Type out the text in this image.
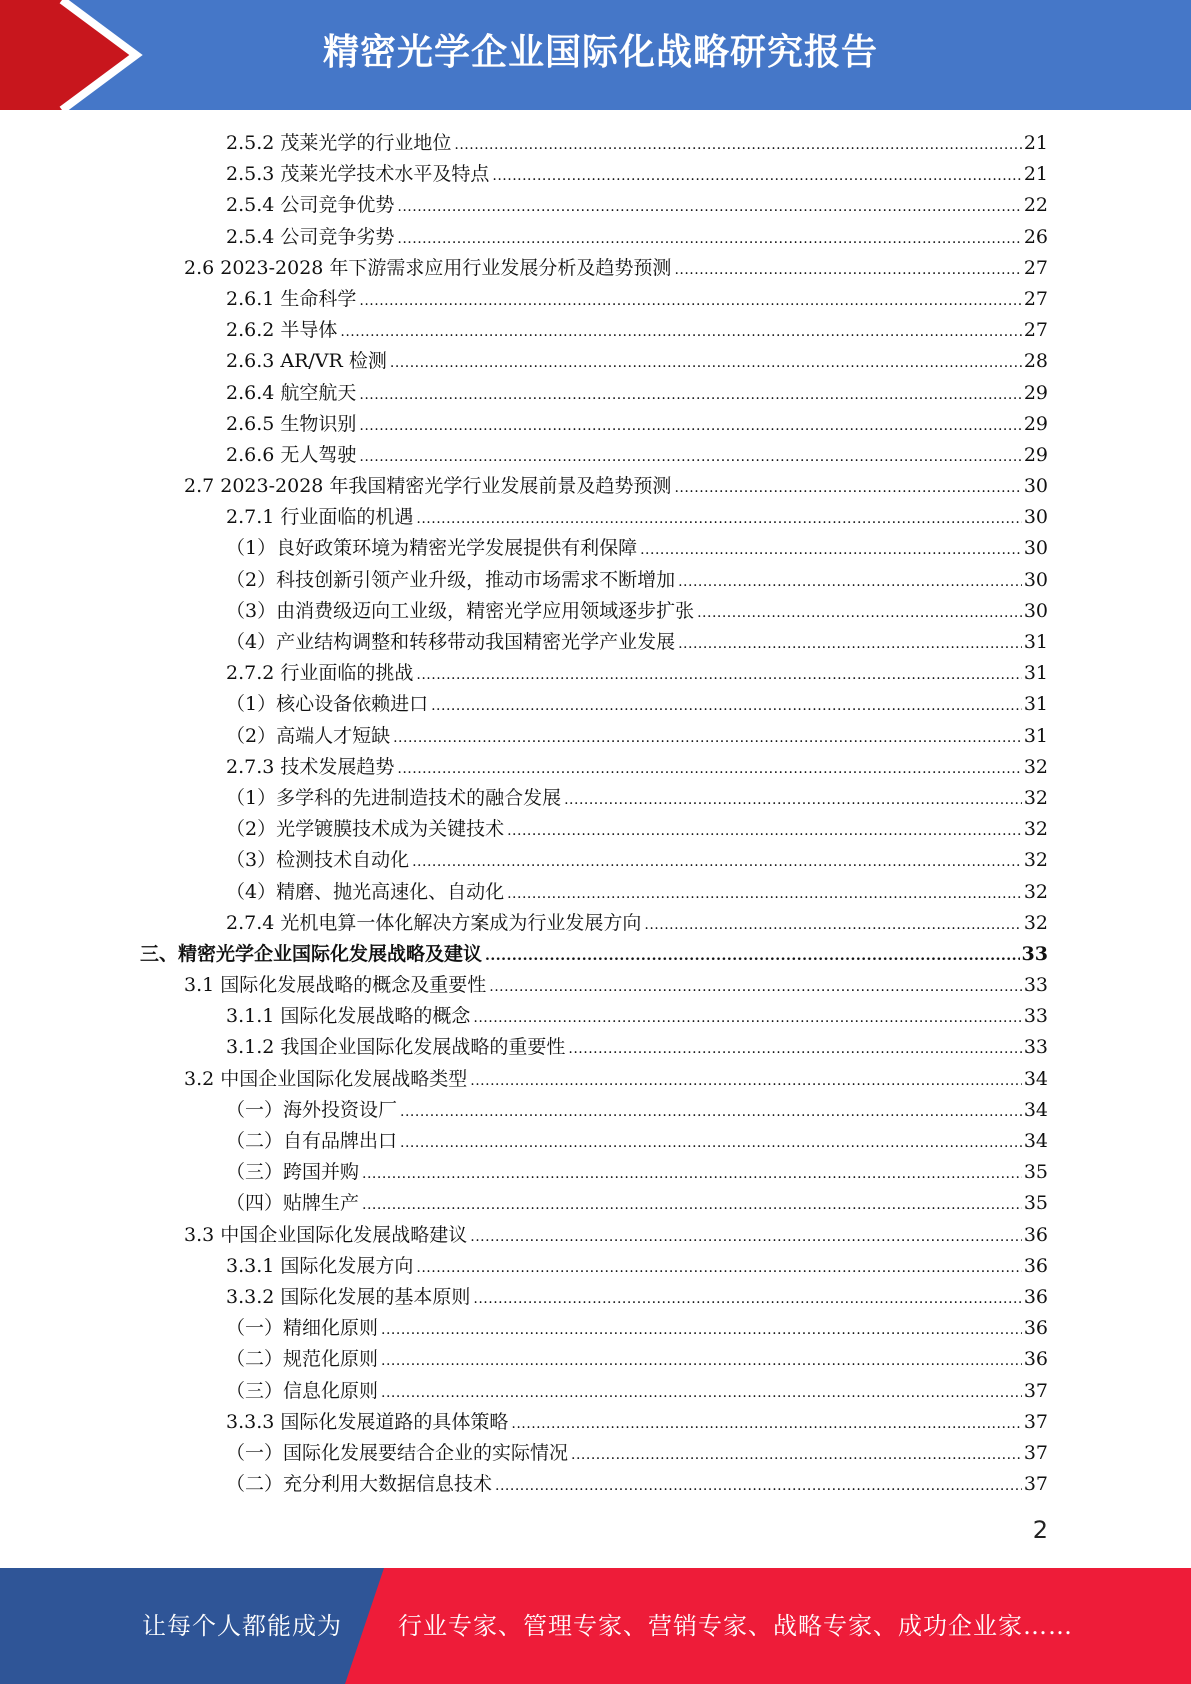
精密光学企业国际化战略研究报告
2.5.2 茂莱光学的行业地位 .....	21
2.5.3 茂莱光学技术水平及特点 .....	21
2.5.4 公司竞争优势 .....	22
2.5.4 公司竞争劣势 .....	26
2.6 2023-2028 年下游需求应用行业发展分析及趋势预测 .....	27
2.6.1 生命科学 .....	27
2.6.2 半导体 .....	27
2.6.3 AR/VR 检测 .....	28
2.6.4 航空航天 .....	29
2.6.5 生物识别 .....	29
2.6.6 无人驾驶 .....	29
2.7 2023-2028 年我国精密光学行业发展前景及趋势预测 .....	30
2.7.1 行业面临的机遇 .....	30
（1）良好政策环境为精密光学发展提供有利保障 .....	30
（2）科技创新引领产业升级，推动市场需求不断增加 .....	30
（3）由消费级迈向工业级，精密光学应用领域逐步扩张 .....	30
（4）产业结构调整和转移带动我国精密光学产业发展 .....	31
2.7.2 行业面临的挑战 .....	31
（1）核心设备依赖进口 .....	31
（2）高端人才短缺 .....	31
2.7.3 技术发展趋势 .....	32
（1）多学科的先进制造技术的融合发展 .....	32
（2）光学镀膜技术成为关键技术 .....	32
（3）检测技术自动化 .....	32
（4）精磨、抛光高速化、自动化 .....	32
2.7.4 光机电算一体化解决方案成为行业发展方向 .....	32
三、精密光学企业国际化发展战略及建议 .....	33
3.1 国际化发展战略的概念及重要性 .....	33
3.1.1 国际化发展战略的概念 .....	33
3.1.2 我国企业国际化发展战略的重要性 .....	33
3.2 中国企业国际化发展战略类型 .....	34
（一）海外投资设厂 .....	34
（二）自有品牌出口 .....	34
（三）跨国并购 .....	35
（四）贴牌生产 .....	35
3.3 中国企业国际化发展战略建议 .....	36
3.3.1 国际化发展方向 .....	36
3.3.2 国际化发展的基本原则 .....	36
（一）精细化原则 .....	36
（二）规范化原则 .....	36
（三）信息化原则 .....	37
3.3.3 国际化发展道路的具体策略 .....	37
（一）国际化发展要结合企业的实际情况 .....	37
（二）充分利用大数据信息技术 .....	37
2
让每个人都能成为 行业专家、管理专家、营销专家、战略专家、成功企业家……
